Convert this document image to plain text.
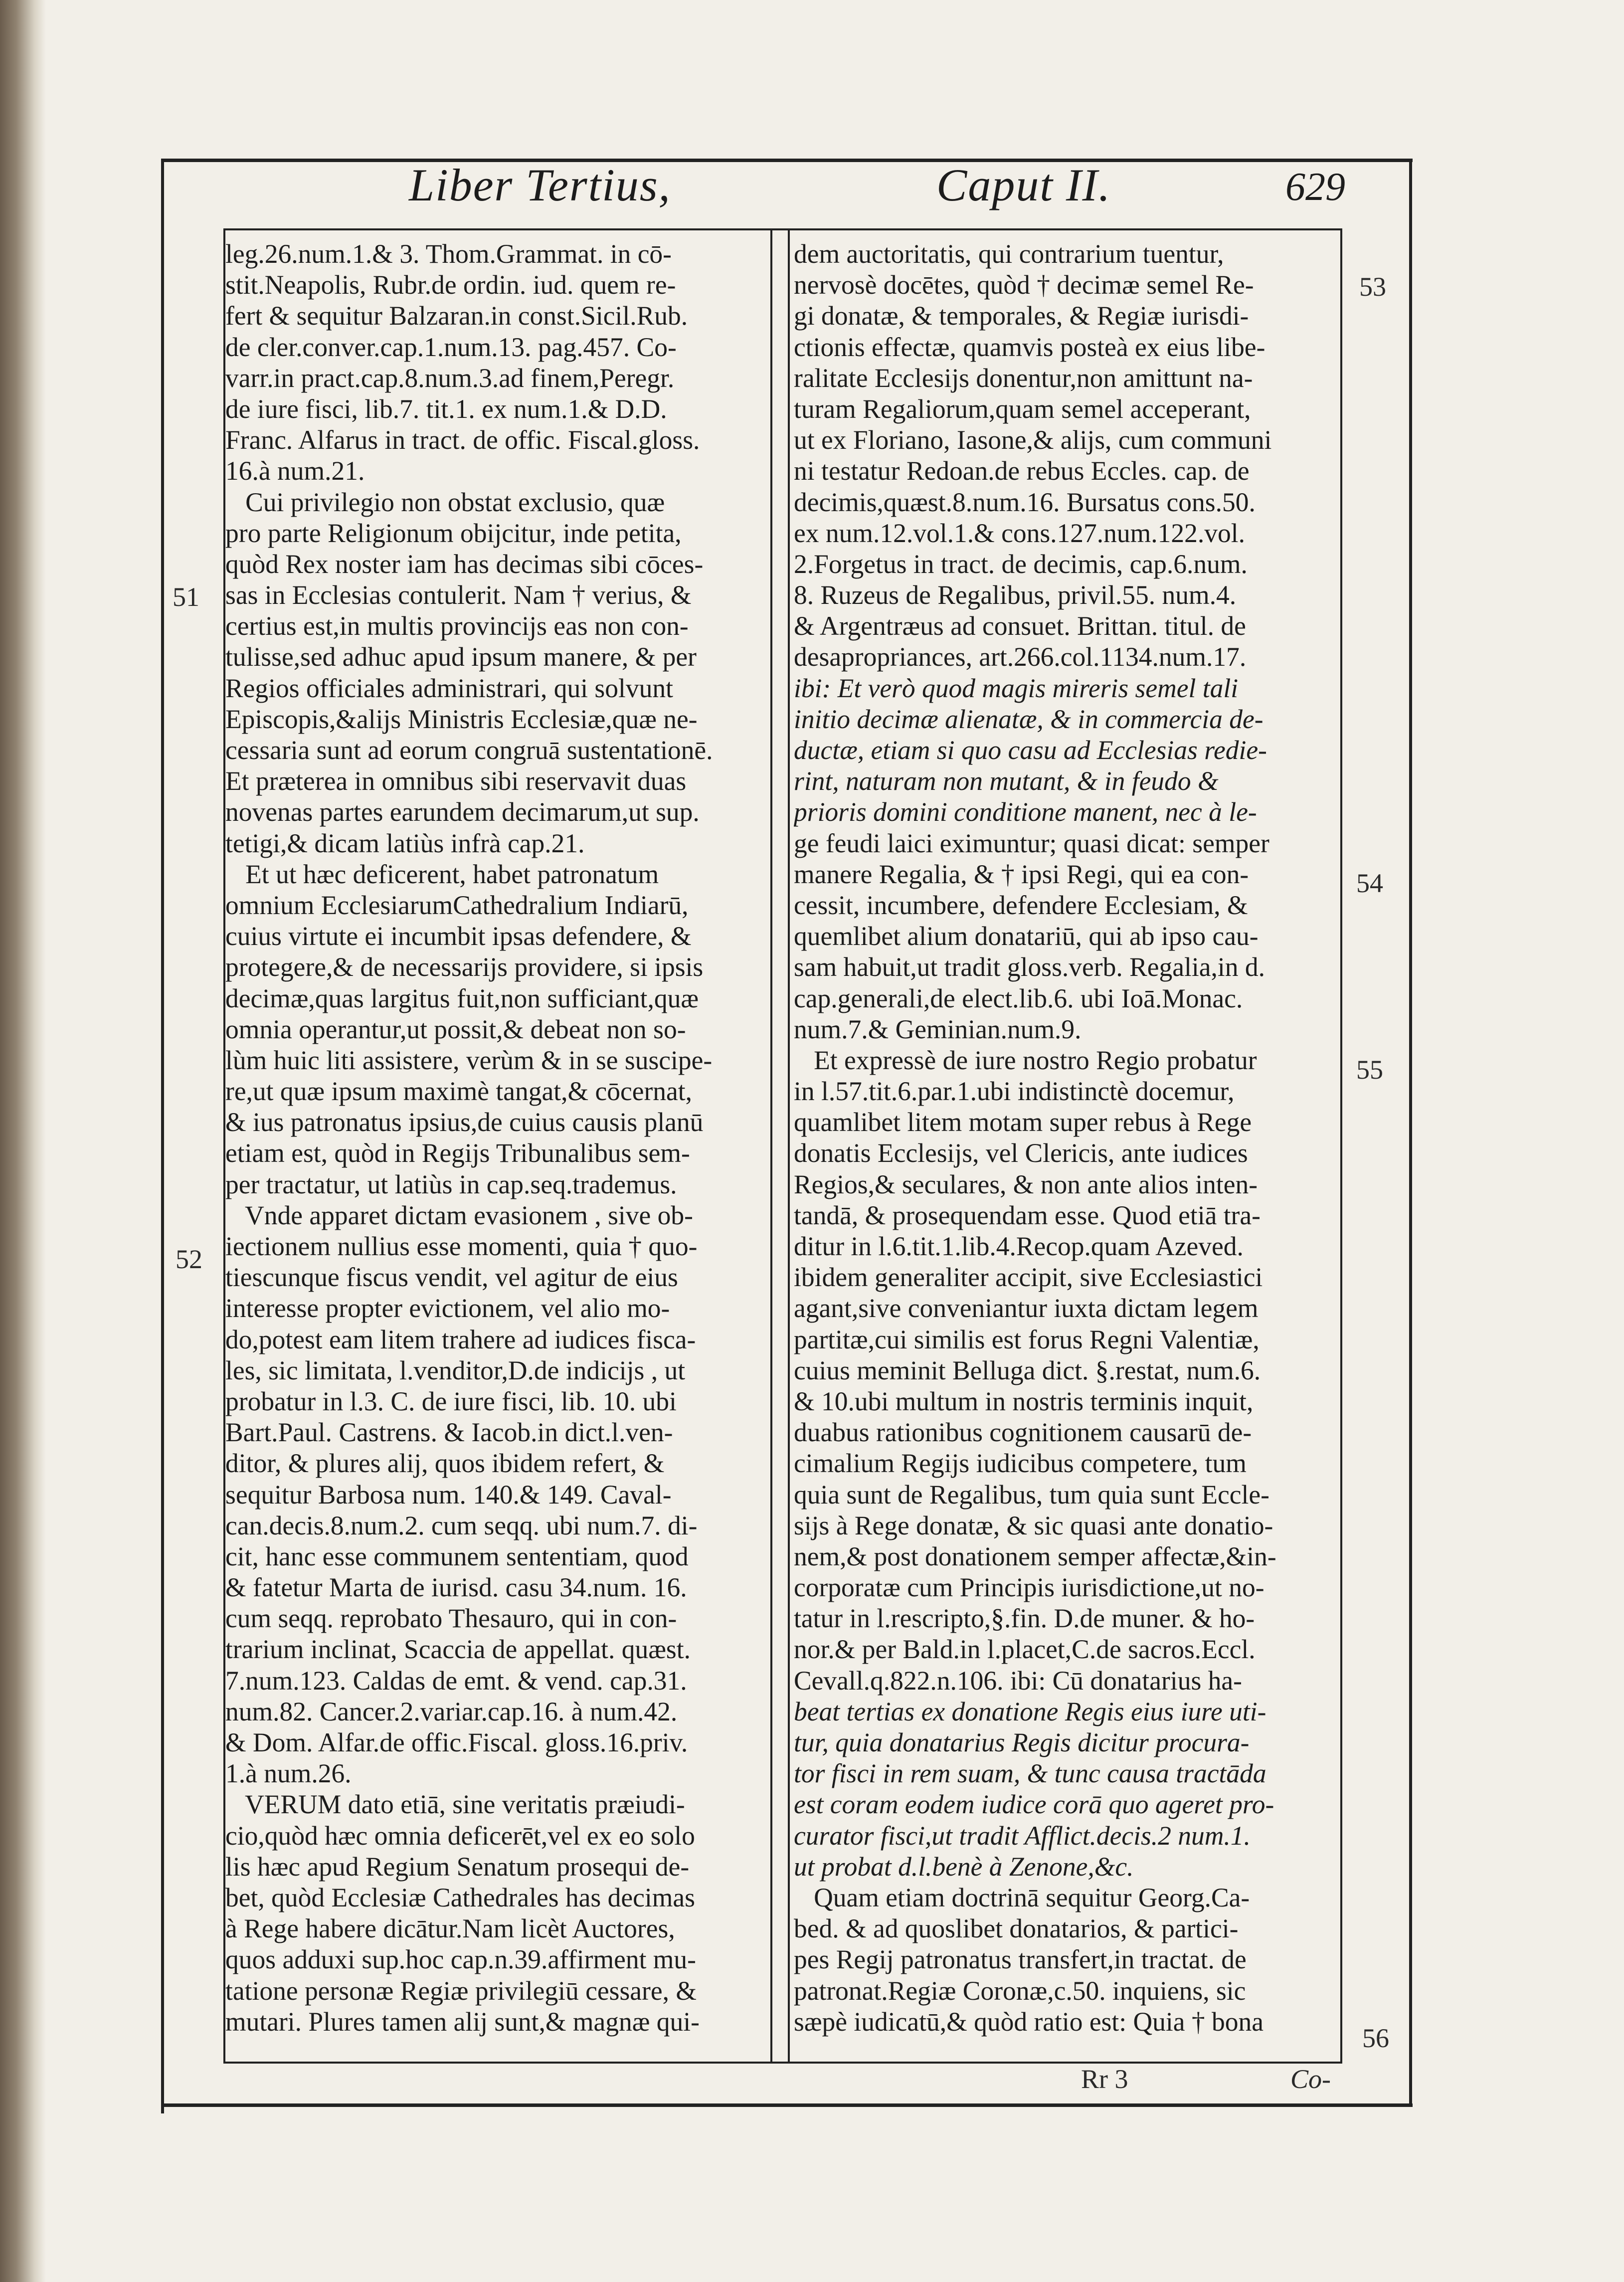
Liber Tertius,	Caput II.	629
leg.26.num.1.& 3. Thom.Grammat. in cō-
stit.Neapolis, Rubr.de ordin. iud. quem re-
fert & sequitur Balzaran.in const.Sicil.Rub.
de cler.conver.cap.1.num.13. pag.457. Co-
varr.in pract.cap.8.num.3.ad finem,Peregr.
de iure fisci, lib.7. tit.1. ex num.1.& D.D.
Franc. Alfarus in tract. de offic. Fiscal.gloss.
16.à num.21.
Cui privilegio non obstat exclusio, quæ
pro parte Religionum obijcitur, inde petita,
quòd Rex noster iam has decimas sibi cōces-
sas in Ecclesias contulerit. Nam † verius, &
certius est,in multis provincijs eas non con-
tulisse,sed adhuc apud ipsum manere, & per
Regios officiales administrari, qui solvunt
Episcopis,&alijs Ministris Ecclesiæ,quæ ne-
cessaria sunt ad eorum congruā sustentationē.
Et præterea in omnibus sibi reservavit duas
novenas partes earundem decimarum,ut sup.
tetigi,& dicam latiùs infrà cap.21.
Et ut hæc deficerent, habet patronatum
omnium EcclesiarumCathedralium Indiarū,
cuius virtute ei incumbit ipsas defendere, &
protegere,& de necessarijs providere, si ipsis
decimæ,quas largitus fuit,non sufficiant,quæ
omnia operantur,ut possit,& debeat non so-
lùm huic liti assistere, verùm & in se suscipe-
re,ut quæ ipsum maximè tangat,& cōcernat,
& ius patronatus ipsius,de cuius causis planū
etiam est, quòd in Regijs Tribunalibus sem-
per tractatur, ut latiùs in cap.seq.trademus.
Vnde apparet dictam evasionem , sive ob-
iectionem nullius esse momenti, quia † quo-
tiescunque fiscus vendit, vel agitur de eius
interesse propter evictionem, vel alio mo-
do,potest eam litem trahere ad iudices fisca-
les, sic limitata, l.venditor,D.de indicijs , ut
probatur in l.3. C. de iure fisci, lib. 10. ubi
Bart.Paul. Castrens. & Iacob.in dict.l.ven-
ditor, & plures alij, quos ibidem refert, &
sequitur Barbosa num. 140.& 149. Caval-
can.decis.8.num.2. cum seqq. ubi num.7. di-
cit, hanc esse communem sententiam, quod
& fatetur Marta de iurisd. casu 34.num. 16.
cum seqq. reprobato Thesauro, qui in con-
trarium inclinat, Scaccia de appellat. quæst.
7.num.123. Caldas de emt. & vend. cap.31.
num.82. Cancer.2.variar.cap.16. à num.42.
& Dom. Alfar.de offic.Fiscal. gloss.16.priv.
1.à num.26.
VERUM dato etiā, sine veritatis præiudi-
cio,quòd hæc omnia deficerēt,vel ex eo solo
lis hæc apud Regium Senatum prosequi de-
bet, quòd Ecclesiæ Cathedrales has decimas
à Rege habere dicātur.Nam licèt Auctores,
quos adduxi sup.hoc cap.n.39.affirment mu-
tatione personæ Regiæ privilegiū cessare, &
mutari. Plures tamen alij sunt,& magnæ qui-
dem auctoritatis, qui contrarium tuentur,
nervosè docētes, quòd † decimæ semel Re-
gi donatæ, & temporales, & Regiæ iurisdi-
ctionis effectæ, quamvis posteà ex eius libe-
ralitate Ecclesijs donentur,non amittunt na-
turam Regaliorum,quam semel acceperant,
ut ex Floriano, Iasone,& alijs, cum communi
ni testatur Redoan.de rebus Eccles. cap. de
decimis,quæst.8.num.16. Bursatus cons.50.
ex num.12.vol.1.& cons.127.num.122.vol.
2.Forgetus in tract. de decimis, cap.6.num.
8. Ruzeus de Regalibus, privil.55. num.4.
& Argentræus ad consuet. Brittan. titul. de
desapropriances, art.266.col.1134.num.17.
ibi: Et verò quod magis mireris semel tali
initio decimæ alienatæ, & in commercia de-
ductæ, etiam si quo casu ad Ecclesias redie-
rint, naturam non mutant, & in feudo &
prioris domini conditione manent, nec à le-
ge feudi laici eximuntur; quasi dicat: semper
manere Regalia, & † ipsi Regi, qui ea con-
cessit, incumbere, defendere Ecclesiam, &
quemlibet alium donatariū, qui ab ipso cau-
sam habuit,ut tradit gloss.verb. Regalia,in d.
cap.generali,de elect.lib.6. ubi Ioā.Monac.
num.7.& Geminian.num.9.
Et expressè de iure nostro Regio probatur
in l.57.tit.6.par.1.ubi indistinctè docemur,
quamlibet litem motam super rebus à Rege
donatis Ecclesijs, vel Clericis, ante iudices
Regios,& seculares, & non ante alios inten-
tandā, & prosequendam esse. Quod etiā tra-
ditur in l.6.tit.1.lib.4.Recop.quam Azeved.
ibidem generaliter accipit, sive Ecclesiastici
agant,sive conveniantur iuxta dictam legem
partitæ,cui similis est forus Regni Valentiæ,
cuius meminit Belluga dict. §.restat, num.6.
& 10.ubi multum in nostris terminis inquit,
duabus rationibus cognitionem causarū de-
cimalium Regijs iudicibus competere, tum
quia sunt de Regalibus, tum quia sunt Eccle-
sijs à Rege donatæ, & sic quasi ante donatio-
nem,& post donationem semper affectæ,&in-
corporatæ cum Principis iurisdictione,ut no-
tatur in l.rescripto,§.fin. D.de muner. & ho-
nor.& per Bald.in l.placet,C.de sacros.Eccl.
Cevall.q.822.n.106. ibi: Cū donatarius ha-
beat tertias ex donatione Regis eius iure uti-
tur, quia donatarius Regis dicitur procura-
tor fisci in rem suam, & tunc causa tractāda
est coram eodem iudice corā quo ageret pro-
curator fisci,ut tradit Afflict.decis.2 num.1.
ut probat d.l.benè à Zenone,&c.
Quam etiam doctrinā sequitur Georg.Ca-
bed. & ad quoslibet donatarios, & partici-
pes Regij patronatus transfert,in tractat. de
patronat.Regiæ Coronæ,c.50. inquiens, sic
sæpè iudicatū,& quòd ratio est: Quia † bona
51
52
53
54
55
56
Rr 3	Co-
